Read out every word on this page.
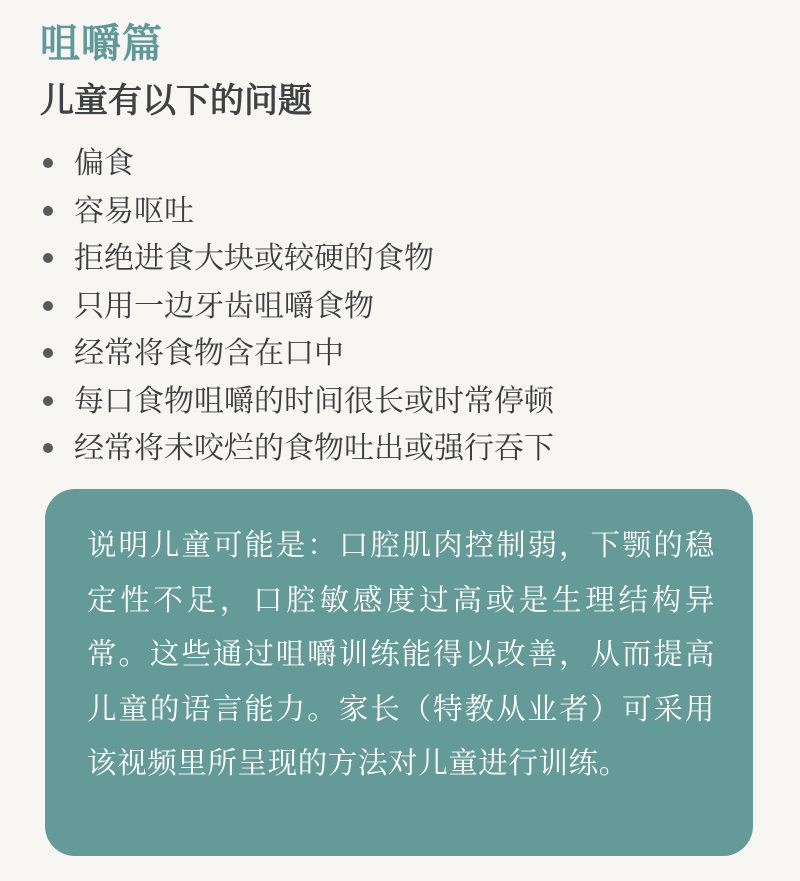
咀嚼篇
儿童有以下的问题
偏食
容易呕吐
拒绝进食大块或较硬的食物
只用一边牙齿咀嚼食物
经常将食物含在口中
每口食物咀嚼的时间很长或时常停顿
经常将未咬烂的食物吐出或强行吞下

说明儿童可能是：口腔肌肉控制弱，下颚的稳定性不足，口腔敏感度过高或是生理结构异常。这些通过咀嚼训练能得以改善，从而提高儿童的语言能力。家长（特教从业者）可采用该视频里所呈现的方法对儿童进行训练。
